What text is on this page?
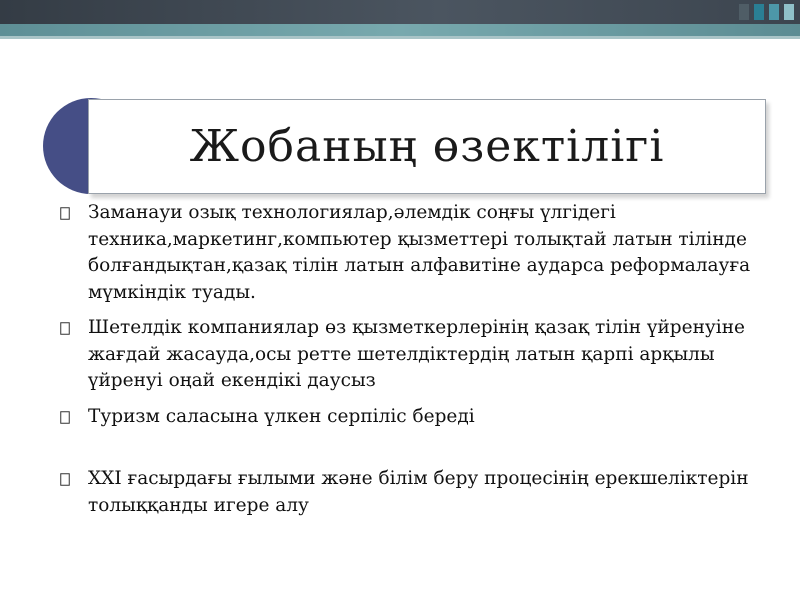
Жобаның өзектілігі
Заманауи озық технологиялар,әлемдік соңғы үлгідегі техника,маркетинг,компьютер қызметтері толықтай латын тілінде болғандықтан,қазақ тілін латын алфавитіне аударса реформалауға мүмкіндік туады.
Шетелдік компаниялар өз қызметкерлерінің қазақ тілін үйренуіне жағдай жасауда,осы ретте шетелдіктердің латын қарпі арқылы үйренуі оңай екендікі даусыз
Туризм саласына үлкен серпіліс береді
XXI ғасырдағы ғылыми және білім беру процесінің ерекшеліктерін толыққанды игере алу
